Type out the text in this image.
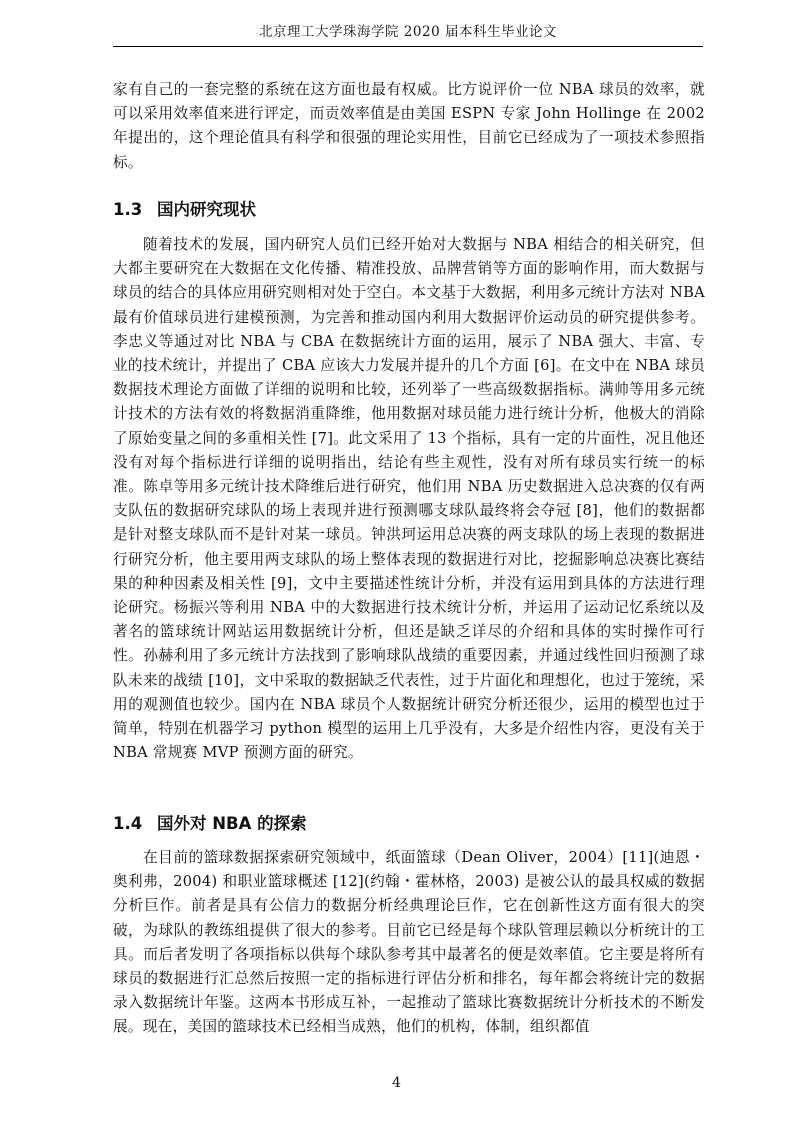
北京理工大学珠海学院 2020 届本科生毕业论文

家有自己的一套完整的系统在这方面也最有权威。比方说评价一位 NBA 球员的效率，就可以采用效率值来进行评定，而贡效率值是由美国 ESPN 专家 John Hollinge 在 2002 年提出的，这个理论值具有科学和很强的理论实用性，目前它已经成为了一项技术参照指标。

1.3 国内研究现状

随着技术的发展，国内研究人员们已经开始对大数据与 NBA 相结合的相关研究，但大都主要研究在大数据在文化传播、精准投放、品牌营销等方面的影响作用，而大数据与球员的结合的具体应用研究则相对处于空白。本文基于大数据，利用多元统计方法对 NBA 最有价值球员进行建模预测，为完善和推动国内利用大数据评价运动员的研究提供参考。李忠义等通过对比 NBA 与 CBA 在数据统计方面的运用，展示了 NBA 强大、丰富、专业的技术统计，并提出了 CBA 应该大力发展并提升的几个方面 [6]。在文中在 NBA 球员数据技术理论方面做了详细的说明和比较，还列举了一些高级数据指标。满帅等用多元统计技术的方法有效的将数据消重降维，他用数据对球员能力进行统计分析，他极大的消除了原始变量之间的多重相关性 [7]。此文采用了 13 个指标，具有一定的片面性，况且他还没有对每个指标进行详细的说明指出，结论有些主观性，没有对所有球员实行统一的标准。陈卓等用多元统计技术降维后进行研究，他们用 NBA 历史数据进入总决赛的仅有两支队伍的数据研究球队的场上表现并进行预测哪支球队最终将会夺冠 [8]，他们的数据都是针对整支球队而不是针对某一球员。钟洪珂运用总决赛的两支球队的场上表现的数据进行研究分析，他主要用两支球队的场上整体表现的数据进行对比，挖掘影响总决赛比赛结果的种种因素及相关性 [9]，文中主要描述性统计分析，并没有运用到具体的方法进行理论研究。杨振兴等利用 NBA 中的大数据进行技术统计分析，并运用了运动记忆系统以及著名的篮球统计网站运用数据统计分析，但还是缺乏详尽的介绍和具体的实时操作可行性。孙赫利用了多元统计方法找到了影响球队战绩的重要因素，并通过线性回归预测了球队未来的战绩 [10]，文中采取的数据缺乏代表性，过于片面化和理想化，也过于笼统，采用的观测值也较少。国内在 NBA 球员个人数据统计研究分析还很少，运用的模型也过于简单，特别在机器学习 python 模型的运用上几乎没有，大多是介绍性内容，更没有关于 NBA 常规赛 MVP 预测方面的研究。

1.4 国外对 NBA 的探索

在目前的篮球数据探索研究领域中，纸面篮球（Dean Oliver，2004）[11](迪恩・奥利弗，2004) 和职业篮球概述 [12](约翰・霍林格，2003) 是被公认的最具权威的数据分析巨作。前者是具有公信力的数据分析经典理论巨作，它在创新性这方面有很大的突破，为球队的教练组提供了很大的参考。目前它已经是每个球队管理层赖以分析统计的工具。而后者发明了各项指标以供每个球队参考其中最著名的便是效率值。它主要是将所有球员的数据进行汇总然后按照一定的指标进行评估分析和排名，每年都会将统计完的数据录入数据统计年鉴。这两本书形成互补，一起推动了篮球比赛数据统计分析技术的不断发展。现在，美国的篮球技术已经相当成熟，他们的机构，体制，组织都值

4
